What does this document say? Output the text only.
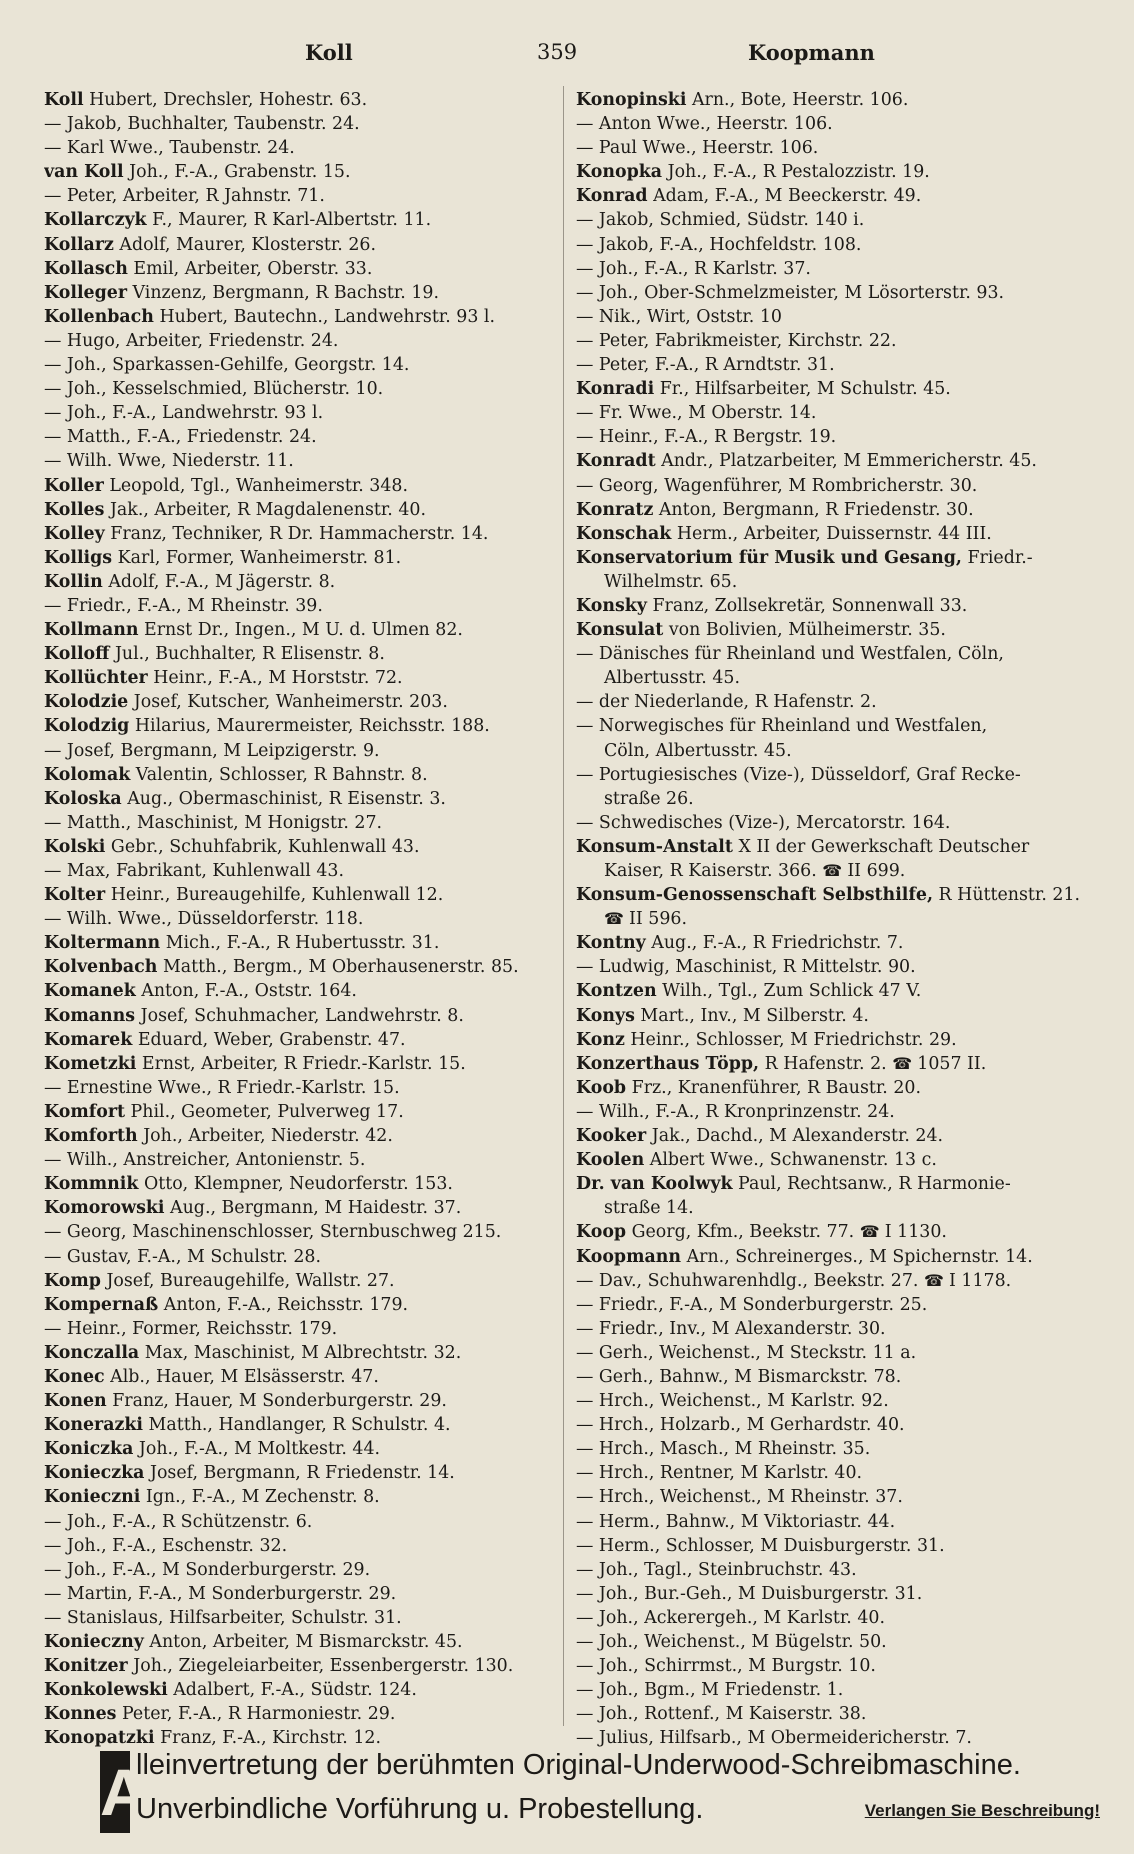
Koll	359	Koopmann
Koll Hubert, Drechsler, Hohestr. 63.
— Jakob, Buchhalter, Taubenstr. 24.
— Karl Wwe., Taubenstr. 24.
van Koll Joh., F.-A., Grabenstr. 15.
— Peter, Arbeiter, R Jahnstr. 71.
Kollarczyk F., Maurer, R Karl-Albertstr. 11.
Kollarz Adolf, Maurer, Klosterstr. 26.
Kollasch Emil, Arbeiter, Oberstr. 33.
Kolleger Vinzenz, Bergmann, R Bachstr. 19.
Kollenbach Hubert, Bautechn., Landwehrstr. 93 l.
— Hugo, Arbeiter, Friedenstr. 24.
— Joh., Sparkassen-Gehilfe, Georgstr. 14.
— Joh., Kesselschmied, Blücherstr. 10.
— Joh., F.-A., Landwehrstr. 93 l.
— Matth., F.-A., Friedenstr. 24.
— Wilh. Wwe, Niederstr. 11.
Koller Leopold, Tgl., Wanheimerstr. 348.
Kolles Jak., Arbeiter, R Magdalenenstr. 40.
Kolley Franz, Techniker, R Dr. Hammacherstr. 14.
Kolligs Karl, Former, Wanheimerstr. 81.
Kollin Adolf, F.-A., M Jägerstr. 8.
— Friedr., F.-A., M Rheinstr. 39.
Kollmann Ernst Dr., Ingen., M U. d. Ulmen 82.
Kolloff Jul., Buchhalter, R Elisenstr. 8.
Kollüchter Heinr., F.-A., M Horststr. 72.
Kolodzie Josef, Kutscher, Wanheimerstr. 203.
Kolodzig Hilarius, Maurermeister, Reichsstr. 188.
— Josef, Bergmann, M Leipzigerstr. 9.
Kolomak Valentin, Schlosser, R Bahnstr. 8.
Koloska Aug., Obermaschinist, R Eisenstr. 3.
— Matth., Maschinist, M Honigstr. 27.
Kolski Gebr., Schuhfabrik, Kuhlenwall 43.
— Max, Fabrikant, Kuhlenwall 43.
Kolter Heinr., Bureaugehilfe, Kuhlenwall 12.
— Wilh. Wwe., Düsseldorferstr. 118.
Koltermann Mich., F.-A., R Hubertusstr. 31.
Kolvenbach Matth., Bergm., M Oberhausenerstr. 85.
Komanek Anton, F.-A., Oststr. 164.
Komanns Josef, Schuhmacher, Landwehrstr. 8.
Komarek Eduard, Weber, Grabenstr. 47.
Kometzki Ernst, Arbeiter, R Friedr.-Karlstr. 15.
— Ernestine Wwe., R Friedr.-Karlstr. 15.
Komfort Phil., Geometer, Pulverweg 17.
Komforth Joh., Arbeiter, Niederstr. 42.
— Wilh., Anstreicher, Antonienstr. 5.
Kommnik Otto, Klempner, Neudorferstr. 153.
Komorowski Aug., Bergmann, M Haidestr. 37.
— Georg, Maschinenschlosser, Sternbuschweg 215.
— Gustav, F.-A., M Schulstr. 28.
Komp Josef, Bureaugehilfe, Wallstr. 27.
Kompernaß Anton, F.-A., Reichsstr. 179.
— Heinr., Former, Reichsstr. 179.
Konczalla Max, Maschinist, M Albrechtstr. 32.
Konec Alb., Hauer, M Elsässerstr. 47.
Konen Franz, Hauer, M Sonderburgerstr. 29.
Konerazki Matth., Handlanger, R Schulstr. 4.
Koniczka Joh., F.-A., M Moltkestr. 44.
Konieczka Josef, Bergmann, R Friedenstr. 14.
Konieczni Ign., F.-A., M Zechenstr. 8.
— Joh., F.-A., R Schützenstr. 6.
— Joh., F.-A., Eschenstr. 32.
— Joh., F.-A., M Sonderburgerstr. 29.
— Martin, F.-A., M Sonderburgerstr. 29.
— Stanislaus, Hilfsarbeiter, Schulstr. 31.
Konieczny Anton, Arbeiter, M Bismarckstr. 45.
Konitzer Joh., Ziegeleiarbeiter, Essenbergerstr. 130.
Konkolewski Adalbert, F.-A., Südstr. 124.
Konnes Peter, F.-A., R Harmoniestr. 29.
Konopatzki Franz, F.-A., Kirchstr. 12.
Konopinski Arn., Bote, Heerstr. 106.
— Anton Wwe., Heerstr. 106.
— Paul Wwe., Heerstr. 106.
Konopka Joh., F.-A., R Pestalozzistr. 19.
Konrad Adam, F.-A., M Beeckerstr. 49.
— Jakob, Schmied, Südstr. 140 i.
— Jakob, F.-A., Hochfeldstr. 108.
— Joh., F.-A., R Karlstr. 37.
— Joh., Ober-Schmelzmeister, M Lösorterstr. 93.
— Nik., Wirt, Oststr. 10
— Peter, Fabrikmeister, Kirchstr. 22.
— Peter, F.-A., R Arndtstr. 31.
Konradi Fr., Hilfsarbeiter, M Schulstr. 45.
— Fr. Wwe., M Oberstr. 14.
— Heinr., F.-A., R Bergstr. 19.
Konradt Andr., Platzarbeiter, M Emmericherstr. 45.
— Georg, Wagenführer, M Rombricherstr. 30.
Konratz Anton, Bergmann, R Friedenstr. 30.
Konschak Herm., Arbeiter, Duissernstr. 44 III.
Konservatorium für Musik und Gesang, Friedr.-
Wilhelmstr. 65.
Konsky Franz, Zollsekretär, Sonnenwall 33.
Konsulat von Bolivien, Mülheimerstr. 35.
— Dänisches für Rheinland und Westfalen, Cöln,
Albertusstr. 45.
— der Niederlande, R Hafenstr. 2.
— Norwegisches für Rheinland und Westfalen,
Cöln, Albertusstr. 45.
— Portugiesisches (Vize-), Düsseldorf, Graf Recke-
straße 26.
— Schwedisches (Vize-), Mercatorstr. 164.
Konsum-Anstalt X II der Gewerkschaft Deutscher
Kaiser, R Kaiserstr. 366. ☎ II 699.
Konsum-Genossenschaft Selbsthilfe, R Hüttenstr. 21.
☎ II 596.
Kontny Aug., F.-A., R Friedrichstr. 7.
— Ludwig, Maschinist, R Mittelstr. 90.
Kontzen Wilh., Tgl., Zum Schlick 47 V.
Konys Mart., Inv., M Silberstr. 4.
Konz Heinr., Schlosser, M Friedrichstr. 29.
Konzerthaus Töpp, R Hafenstr. 2. ☎ 1057 II.
Koob Frz., Kranenführer, R Baustr. 20.
— Wilh., F.-A., R Kronprinzenstr. 24.
Kooker Jak., Dachd., M Alexanderstr. 24.
Koolen Albert Wwe., Schwanenstr. 13 c.
Dr. van Koolwyk Paul, Rechtsanw., R Harmonie-
straße 14.
Koop Georg, Kfm., Beekstr. 77. ☎ I 1130.
Koopmann Arn., Schreinerges., M Spichernstr. 14.
— Dav., Schuhwarenhdlg., Beekstr. 27. ☎ I 1178.
— Friedr., F.-A., M Sonderburgerstr. 25.
— Friedr., Inv., M Alexanderstr. 30.
— Gerh., Weichenst., M Steckstr. 11 a.
— Gerh., Bahnw., M Bismarckstr. 78.
— Hrch., Weichenst., M Karlstr. 92.
— Hrch., Holzarb., M Gerhardstr. 40.
— Hrch., Masch., M Rheinstr. 35.
— Hrch., Rentner, M Karlstr. 40.
— Hrch., Weichenst., M Rheinstr. 37.
— Herm., Bahnw., M Viktoriastr. 44.
— Herm., Schlosser, M Duisburgerstr. 31.
— Joh., Tagl., Steinbruchstr. 43.
— Joh., Bur.-Geh., M Duisburgerstr. 31.
— Joh., Ackerergeh., M Karlstr. 40.
— Joh., Weichenst., M Bügelstr. 50.
— Joh., Schirrmst., M Burgstr. 10.
— Joh., Bgm., M Friedenstr. 1.
— Joh., Rottenf., M Kaiserstr. 38.
— Julius, Hilfsarb., M Obermeidericherstr. 7.
A
lleinvertretung der berühmten Original-Underwood-Schreibmaschine.
Unverbindliche Vorführung u. Probestellung.	Verlangen Sie Beschreibung!
